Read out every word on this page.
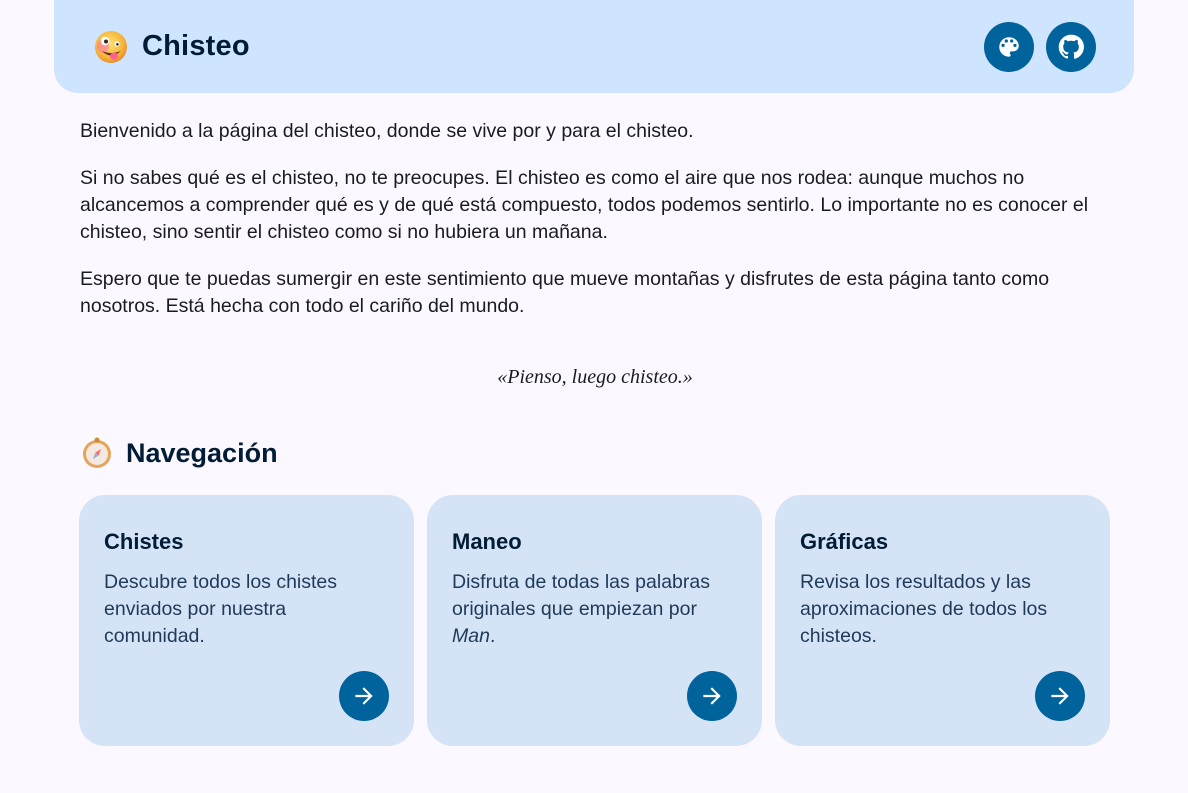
Chisteo

Bienvenido a la página del chisteo, donde se vive por y para el chisteo.

Si no sabes qué es el chisteo, no te preocupes. El chisteo es como el aire que nos rodea: aunque muchos no alcancemos a comprender qué es y de qué está compuesto, todos podemos sentirlo. Lo importante no es conocer el chisteo, sino sentir el chisteo como si no hubiera un mañana.

Espero que te puedas sumergir en este sentimiento que mueve montañas y disfrutes de esta página tanto como nosotros. Está hecha con todo el cariño del mundo.

«Pienso, luego chisteo.»

Navegación
Chistes
Descubre todos los chistes enviados por nuestra comunidad.
Maneo
Disfruta de todas las palabras originales que empiezan por Man.
Gráficas
Revisa los resultados y las aproximaciones de todos los chisteos.
